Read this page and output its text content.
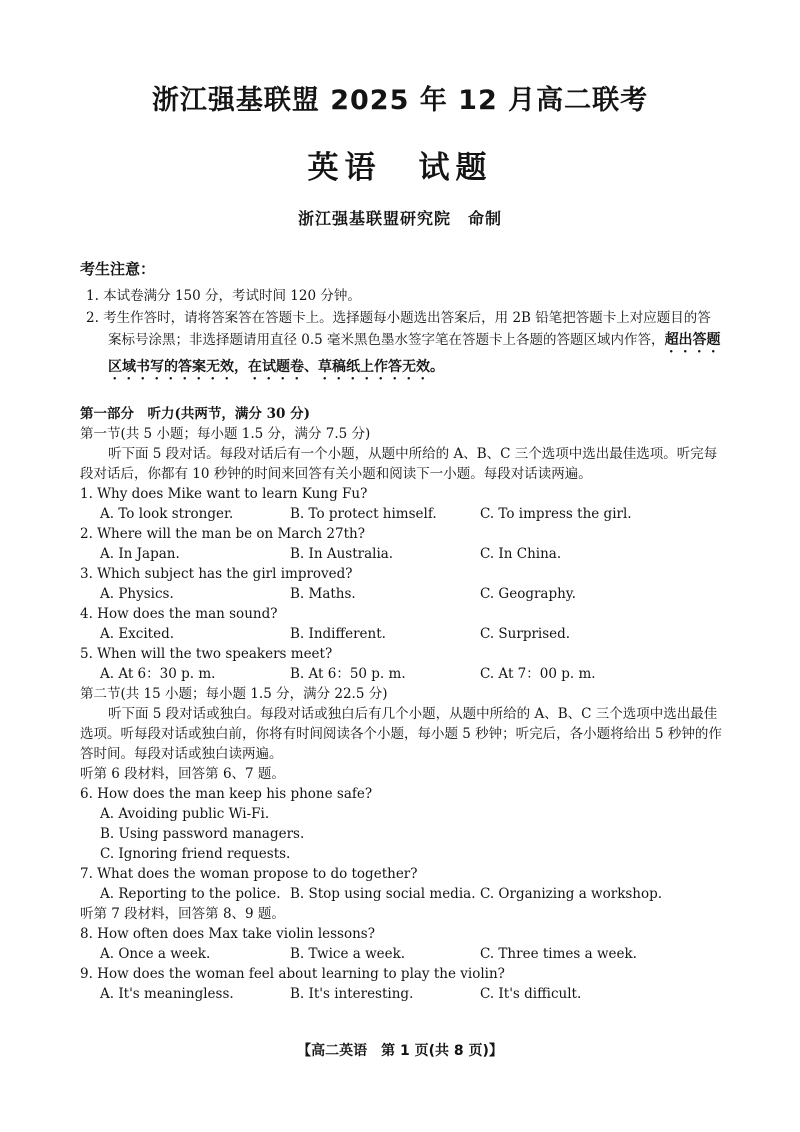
浙江强基联盟 2025 年 12 月高二联考
英语　试题
浙江强基联盟研究院　命制
考生注意：
1. 本试卷满分 150 分，考试时间 120 分钟。
2. 考生作答时，请将答案答在答题卡上。选择题每小题选出答案后，用 2B 铅笔把答题卡上对应题目的答案标号涂黑；非选择题请用直径 0.5 毫米黑色墨水签字笔在答题卡上各题的答题区域内作答，超出答题区域书写的答案无效，在试题卷、草稿纸上作答无效。
第一部分　听力(共两节，满分 30 分)
第一节(共 5 小题；每小题 1.5 分，满分 7.5 分)
听下面 5 段对话。每段对话后有一个小题，从题中所给的 A、B、C 三个选项中选出最佳选项。听完每段对话后，你都有 10 秒钟的时间来回答有关小题和阅读下一小题。每段对话读两遍。
1. Why does Mike want to learn Kung Fu?
A. To look stronger.	B. To protect himself.	C. To impress the girl.
2. Where will the man be on March 27th?
A. In Japan.	B. In Australia.	C. In China.
3. Which subject has the girl improved?
A. Physics.	B. Maths.	C. Geography.
4. How does the man sound?
A. Excited.	B. Indifferent.	C. Surprised.
5. When will the two speakers meet?
A. At 6：30 p. m.	B. At 6：50 p. m.	C. At 7：00 p. m.
第二节(共 15 小题；每小题 1.5 分，满分 22.5 分)
听下面 5 段对话或独白。每段对话或独白后有几个小题，从题中所给的 A、B、C 三个选项中选出最佳选项。听每段对话或独白前，你将有时间阅读各个小题，每小题 5 秒钟；听完后，各小题将给出 5 秒钟的作答时间。每段对话或独白读两遍。
听第 6 段材料，回答第 6、7 题。
6. How does the man keep his phone safe?
A. Avoiding public Wi-Fi.
B. Using password managers.
C. Ignoring friend requests.
7. What does the woman propose to do together?
A. Reporting to the police. B. Stop using social media. C. Organizing a workshop.
听第 7 段材料，回答第 8、9 题。
8. How often does Max take violin lessons?
A. Once a week.	B. Twice a week.	C. Three times a week.
9. How does the woman feel about learning to play the violin?
A. It's meaningless.	B. It's interesting.	C. It's difficult.
【高二英语　第 1 页(共 8 页)】
